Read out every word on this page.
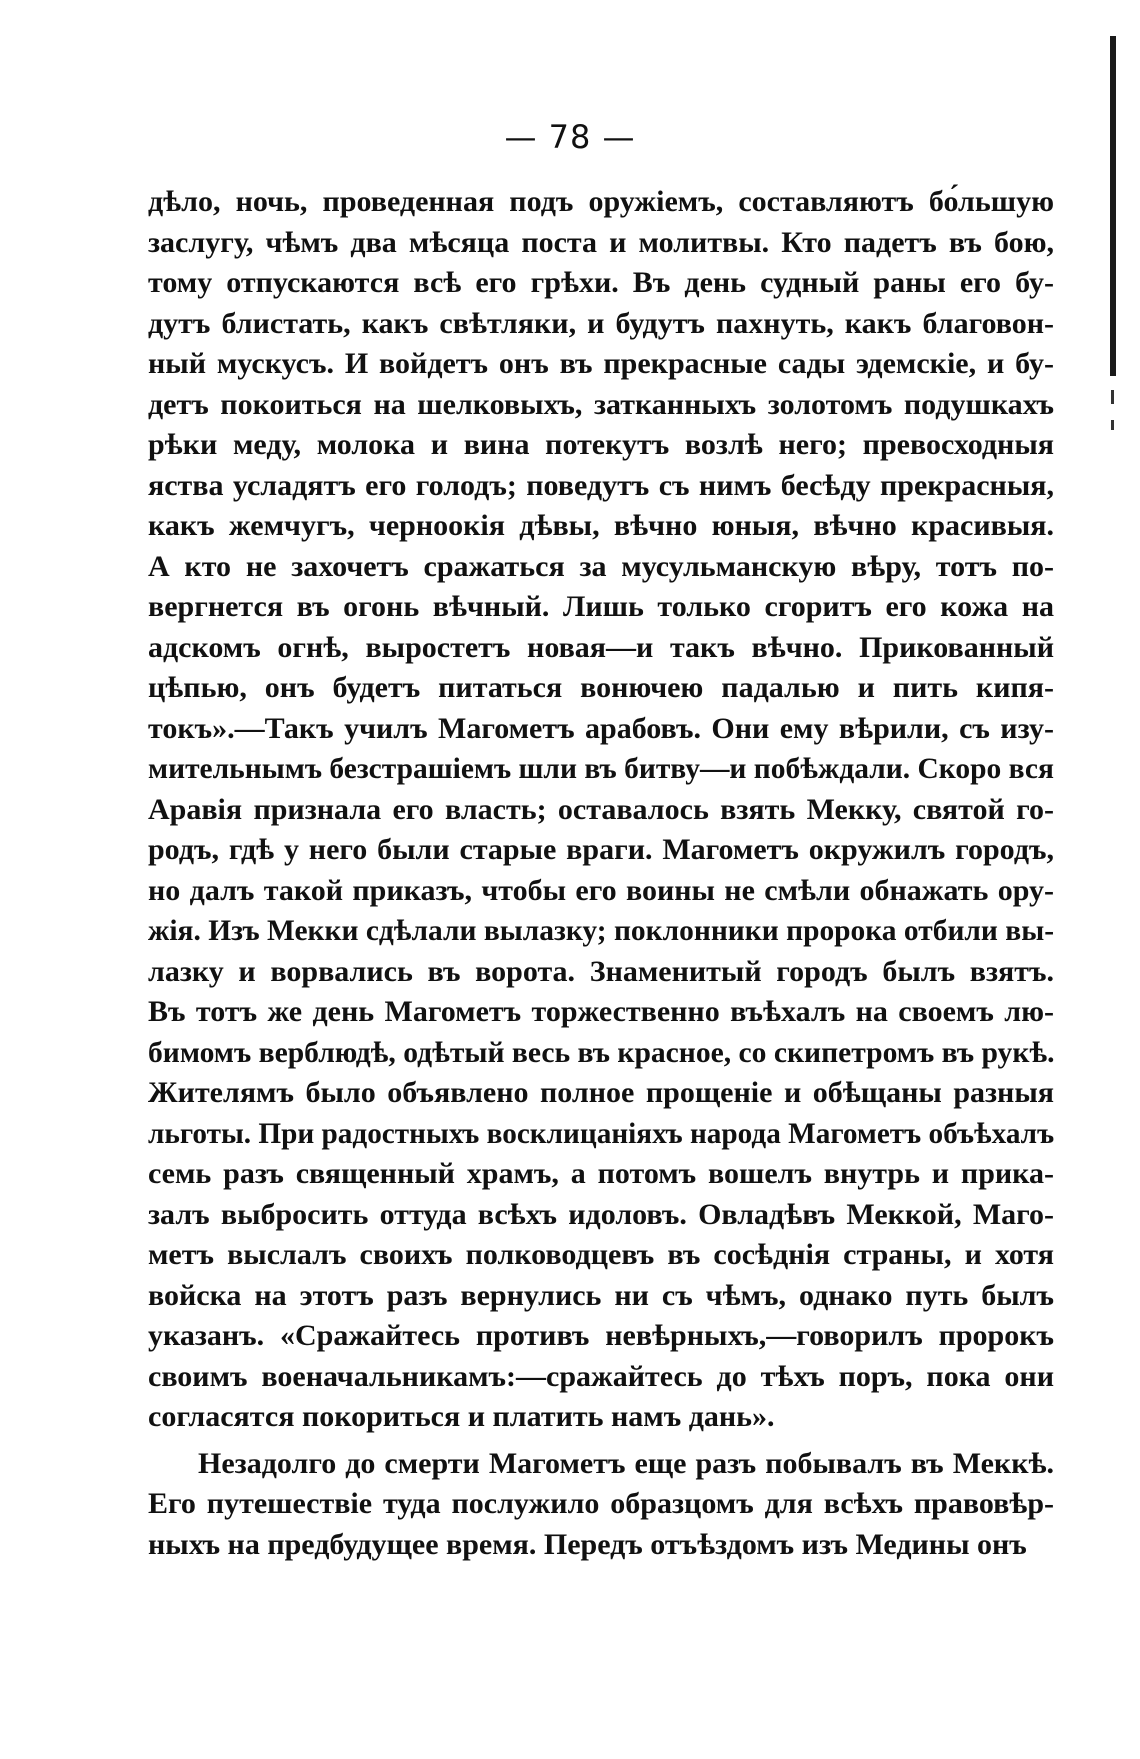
— 78 —
дѣло, ночь, проведенная подъ оружіемъ, составляютъ бо́льшую
заслугу, чѣмъ два мѣсяца поста и молитвы. Кто падетъ въ бою,
тому отпускаются всѣ его грѣхи. Въ день судный раны его бу-
дутъ блистать, какъ свѣтляки, и будутъ пахнуть, какъ благовон-
ный мускусъ. И войдетъ онъ въ прекрасные сады эдемскіе, и бу-
детъ покоиться на шелковыхъ, затканныхъ золотомъ подушкахъ
рѣки меду, молока и вина потекутъ возлѣ него; превосходныя
яства усладятъ его голодъ; поведутъ съ нимъ бесѣду прекрасныя,
какъ жемчугъ, черноокія дѣвы, вѣчно юныя, вѣчно красивыя.
А кто не захочетъ сражаться за мусульманскую вѣру, тотъ по-
вергнется въ огонь вѣчный. Лишь только сгоритъ его кожа на
адскомъ огнѣ, выростетъ новая—и такъ вѣчно. Прикованный
цѣпью, онъ будетъ питаться вонючею падалью и пить кипя-
токъ».—Такъ училъ Магометъ арабовъ. Они ему вѣрили, съ изу-
мительнымъ безстрашіемъ шли въ битву—и побѣждали. Скоро вся
Аравія признала его власть; оставалось взять Мекку, святой го-
родъ, гдѣ у него были старые враги. Магометъ окружилъ городъ,
но далъ такой приказъ, чтобы его воины не смѣли обнажать ору-
жія. Изъ Мекки сдѣлали вылазку; поклонники пророка отбили вы-
лазку и ворвались въ ворота. Знаменитый городъ былъ взятъ.
Въ тотъ же день Магометъ торжественно въѣхалъ на своемъ лю-
бимомъ верблюдѣ, одѣтый весь въ красное, со скипетромъ въ рукѣ.
Жителямъ было объявлено полное прощеніе и обѣщаны разныя
льготы. При радостныхъ восклицаніяхъ народа Магометъ объѣхалъ
семь разъ священный храмъ, а потомъ вошелъ внутрь и прика-
залъ выбросить оттуда всѣхъ идоловъ. Овладѣвъ Меккой, Маго-
метъ выслалъ своихъ полководцевъ въ сосѣднія страны, и хотя
войска на этотъ разъ вернулись ни съ чѣмъ, однако путь былъ
указанъ. «Сражайтесь противъ невѣрныхъ,—говорилъ пророкъ
своимъ военачальникамъ:—сражайтесь до тѣхъ поръ, пока они
согласятся покориться и платить намъ дань».
Незадолго до смерти Магометъ еще разъ побывалъ въ Меккѣ.
Его путешествіе туда послужило образцомъ для всѣхъ правовѣр-
ныхъ на предбудущее время. Передъ отъѣздомъ изъ Медины онъ
